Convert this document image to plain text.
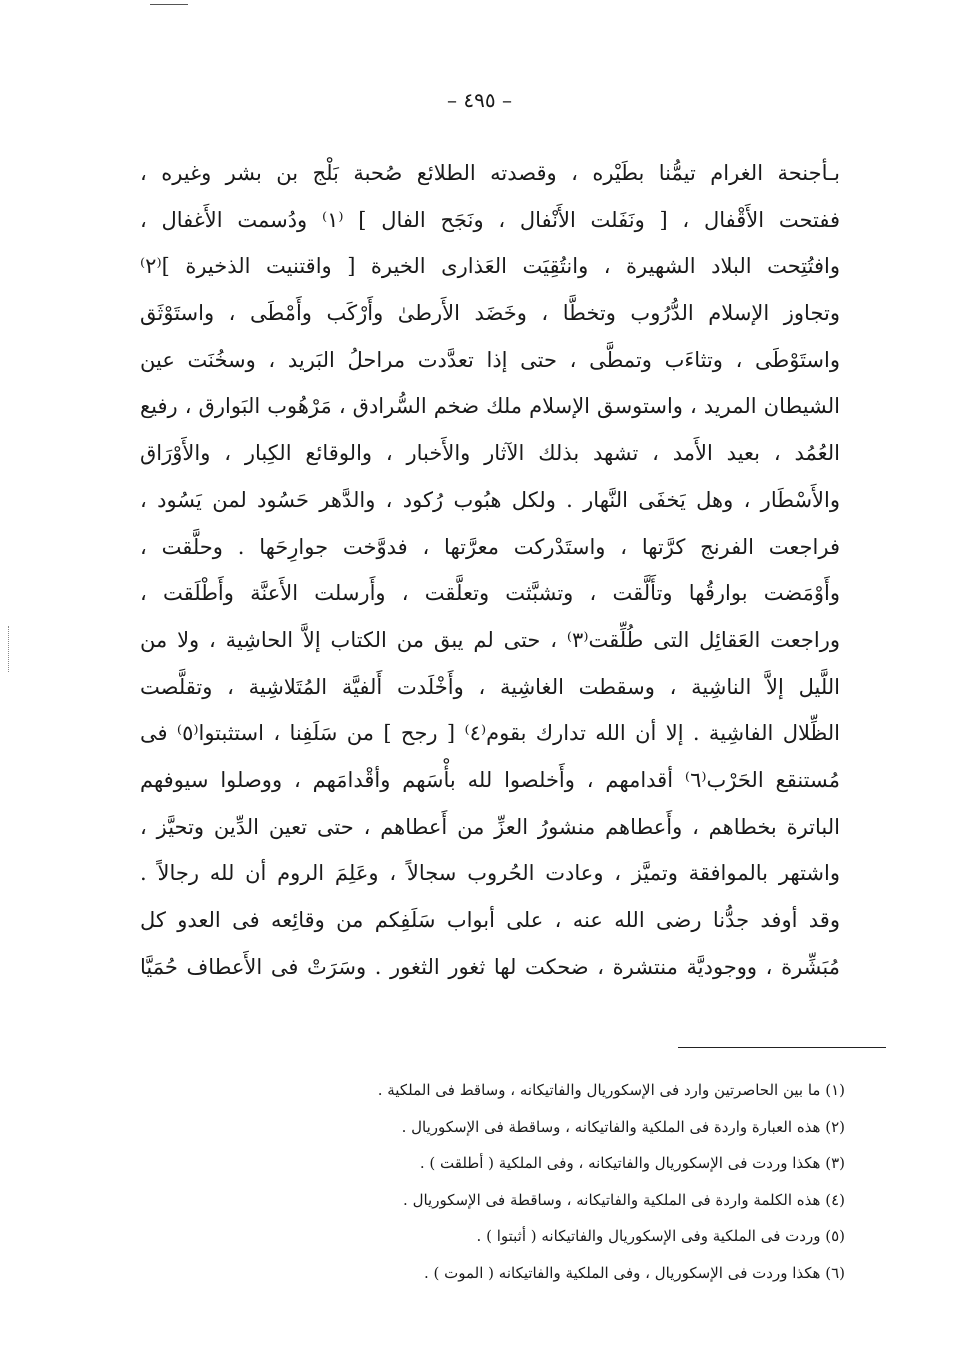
– ٤٩٥ –
بـأجنحة الغرام تيمُّنا بطَيْره ، وقصدته الطلائع صُحبة بَلْج بن بشر وغيره ،
ففتحت الأَقْفال ، [ ونَفَلت الأَنْفال ، ونَجَح الفال ] ⁽١⁾ ودُسمت الأَغفال ،
وافتُتِحت البلاد الشهيرة ، وانتُقِيَت العَذارى الخيرة [ واقتنيت الذخيرة ]⁽٢⁾
وتجاوز الإسلام الدُّرُوب وتخطَّا ، وخَضَد الأَرطىٰ وأَرْكَب وأَمْطَى ، واستَوْثَق
واستَوْطَى ، وتثاءَب وتمطَّى ، حتى إذا تعدَّدت مراحلُ البَريد ، وسخُنَت عين
الشيطان المريد ، واستوسق الإسلام ملك ضخم السُّرادق ، مَرْهُوب البَوارق ، رفيع
العُمُد ، بعيد الأَمد ، تشهد بذلك الآثار والأَخبار ، والوقائع الكِبار ، والأَوْرَاق
والأَسْطَار ، وهل يَخفَى النَّهار . ولكل هبُوب رُكود ، والدَّهر حَسُود لمن يَسُود ،
فراجعت الفرنج كرَّتها ، واستَدْركت معرَّتها ، فدوَّخت جوارِحَها . وحلَّقت ،
وأَوْمَضت بوارقُها وتأَلَّقت ، وتشبَّثت وتعلَّقت ، وأَرسلت الأَعنَّة وأَطْلَقت ،
وراجعت العَقائِل التى طُلِّقت⁽٣⁾ ، حتى لم يبق من الكتاب إلاَّ الحاشِية ، ولا من
اللَّيل إلاَّ الناشِية ، وسقطت الغاشِية ، وأَخْلَدت أَلفيَّة المُتَلاشِية ، وتقلَّصت
الظِّلال الفاشِية . إلا أن الله تدارك بقوم⁽٤⁾ [ رجح ] من سَلَفِنا ، استثبتوا⁽٥⁾ فى
مُستنقع الحَرْب⁽٦⁾ أقدامهم ، وأَخلصوا لله بأْسَهم وأقْدامَهم ، ووصلوا سيوفهم
الباترة بخطاهم ، وأَعطاهم منشورُ العزِّ من أَعطاهم ، حتى تعين الدِّين وتحيَّز ،
واشتهر بالموافقة وتميَّز ، وعادت الحُروب سجالاً ، وعَلِمَ الروم أن لله رجالاً .
وقد أوفد جدُّنا رضى الله عنه ، على أبواب سَلَفِكم من وقائِعه فى العدو كل
مُبَشِّرة ، ووجوديَّة منتشرة ، ضحكت لها ثغور الثغور . وسَرَتْ فى الأَعطاف حُمَيَّا
(١) ما بين الحاصرتين وارد فى الإسكوريال والفاتيكانه ، وساقط فى الملكية .
(٢) هذه العبارة واردة فى الملكية والفاتيكانه ، وساقطة فى الإسكوريال .
(٣) هكذا وردت فى الإسكوريال والفاتيكانه ، وفى الملكية ( أطلقت ) .
(٤) هذه الكلمة واردة فى الملكية والفاتيكانه ، وساقطة فى الإسكوريال .
(٥) وردت فى الملكية وفى الإسكوريال والفاتيكانه ( أثبتوا ) .
(٦) هكذا وردت فى الإسكوريال ، وفى الملكية والفاتيكانه ( الموت ) .
